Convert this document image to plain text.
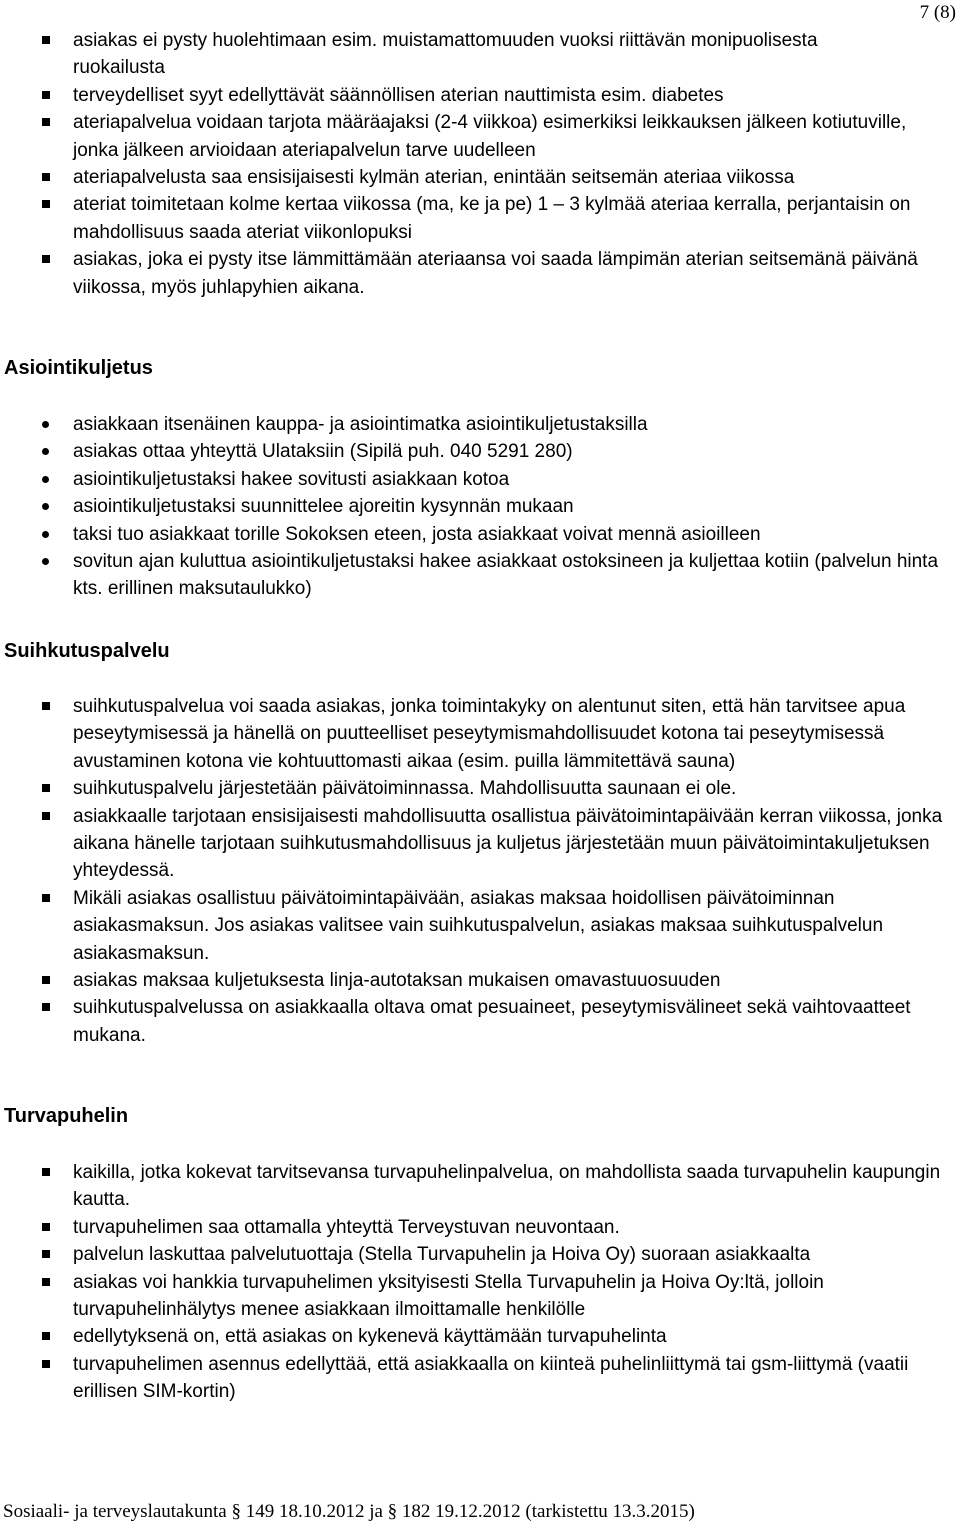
7 (8)
asiakas ei pysty huolehtimaan esim. muistamattomuuden vuoksi riittävän monipuolisesta ruokailusta
terveydelliset syyt edellyttävät säännöllisen aterian nauttimista esim. diabetes
ateriapalvelua voidaan tarjota määräajaksi (2-4 viikkoa) esimerkiksi leikkauksen jälkeen kotiutuville, jonka jälkeen arvioidaan ateriapalvelun tarve uudelleen
ateriapalvelusta saa ensisijaisesti kylmän aterian, enintään seitsemän ateriaa viikossa
ateriat toimitetaan kolme kertaa viikossa (ma, ke ja pe) 1 – 3 kylmää ateriaa kerralla, perjantaisin on mahdollisuus saada ateriat viikonlopuksi
asiakas, joka ei pysty itse lämmittämään ateriaansa voi saada lämpimän aterian seitsemänä päivänä viikossa, myös juhlapyhien aikana.
Asiointikuljetus
asiakkaan itsenäinen kauppa- ja asiointimatka asiointikuljetustaksilla
asiakas ottaa yhteyttä Ulataksiin (Sipilä puh. 040 5291 280)
asiointikuljetustaksi hakee sovitusti asiakkaan kotoa
asiointikuljetustaksi suunnittelee ajoreitin kysynnän mukaan
taksi tuo asiakkaat torille Sokoksen eteen, josta asiakkaat voivat mennä asioilleen
sovitun ajan kuluttua asiointikuljetustaksi hakee asiakkaat ostoksineen ja kuljettaa kotiin (palvelun hinta kts. erillinen maksutaulukko)
Suihkutuspalvelu
suihkutuspalvelua voi saada asiakas, jonka toimintakyky on alentunut siten, että hän tarvitsee apua peseytymisessä ja hänellä on puutteelliset peseytymismahdollisuudet kotona tai peseytymisessä avustaminen kotona vie kohtuuttomasti aikaa (esim. puilla lämmitettävä sauna)
suihkutuspalvelu järjestetään päivätoiminnassa. Mahdollisuutta saunaan ei ole.
asiakkaalle tarjotaan ensisijaisesti mahdollisuutta osallistua päivätoimintapäivään kerran viikossa, jonka aikana hänelle tarjotaan suihkutusmahdollisuus ja kuljetus järjestetään muun päivätoimintakuljetuksen yhteydessä.
Mikäli asiakas osallistuu päivätoimintapäivään, asiakas maksaa hoidollisen päivätoiminnan asiakasmaksun. Jos asiakas valitsee vain suihkutuspalvelun, asiakas maksaa suihkutuspalvelun asiakasmaksun.
asiakas maksaa kuljetuksesta linja-autotaksan mukaisen omavastuuosuuden
suihkutuspalvelussa on asiakkaalla oltava omat pesuaineet, peseytymisvälineet sekä vaihtovaatteet mukana.
Turvapuhelin
kaikilla, jotka kokevat tarvitsevansa turvapuhelinpalvelua, on mahdollista saada turvapuhelin kaupungin kautta.
turvapuhelimen saa ottamalla yhteyttä Terveystuvan neuvontaan.
palvelun laskuttaa palvelutuottaja (Stella Turvapuhelin ja Hoiva Oy) suoraan asiakkaalta
asiakas voi hankkia turvapuhelimen yksityisesti Stella Turvapuhelin ja Hoiva Oy:ltä, jolloin turvapuhelinhälytys menee asiakkaan ilmoittamalle henkilölle
edellytyksenä on, että asiakas on kykenevä käyttämään turvapuhelinta
turvapuhelimen asennus edellyttää, että asiakkaalla on kiinteä puhelinliittymä tai gsm-liittymä (vaatii erillisen SIM-kortin)
Sosiaali- ja terveyslautakunta § 149 18.10.2012 ja § 182 19.12.2012 (tarkistettu 13.3.2015)
